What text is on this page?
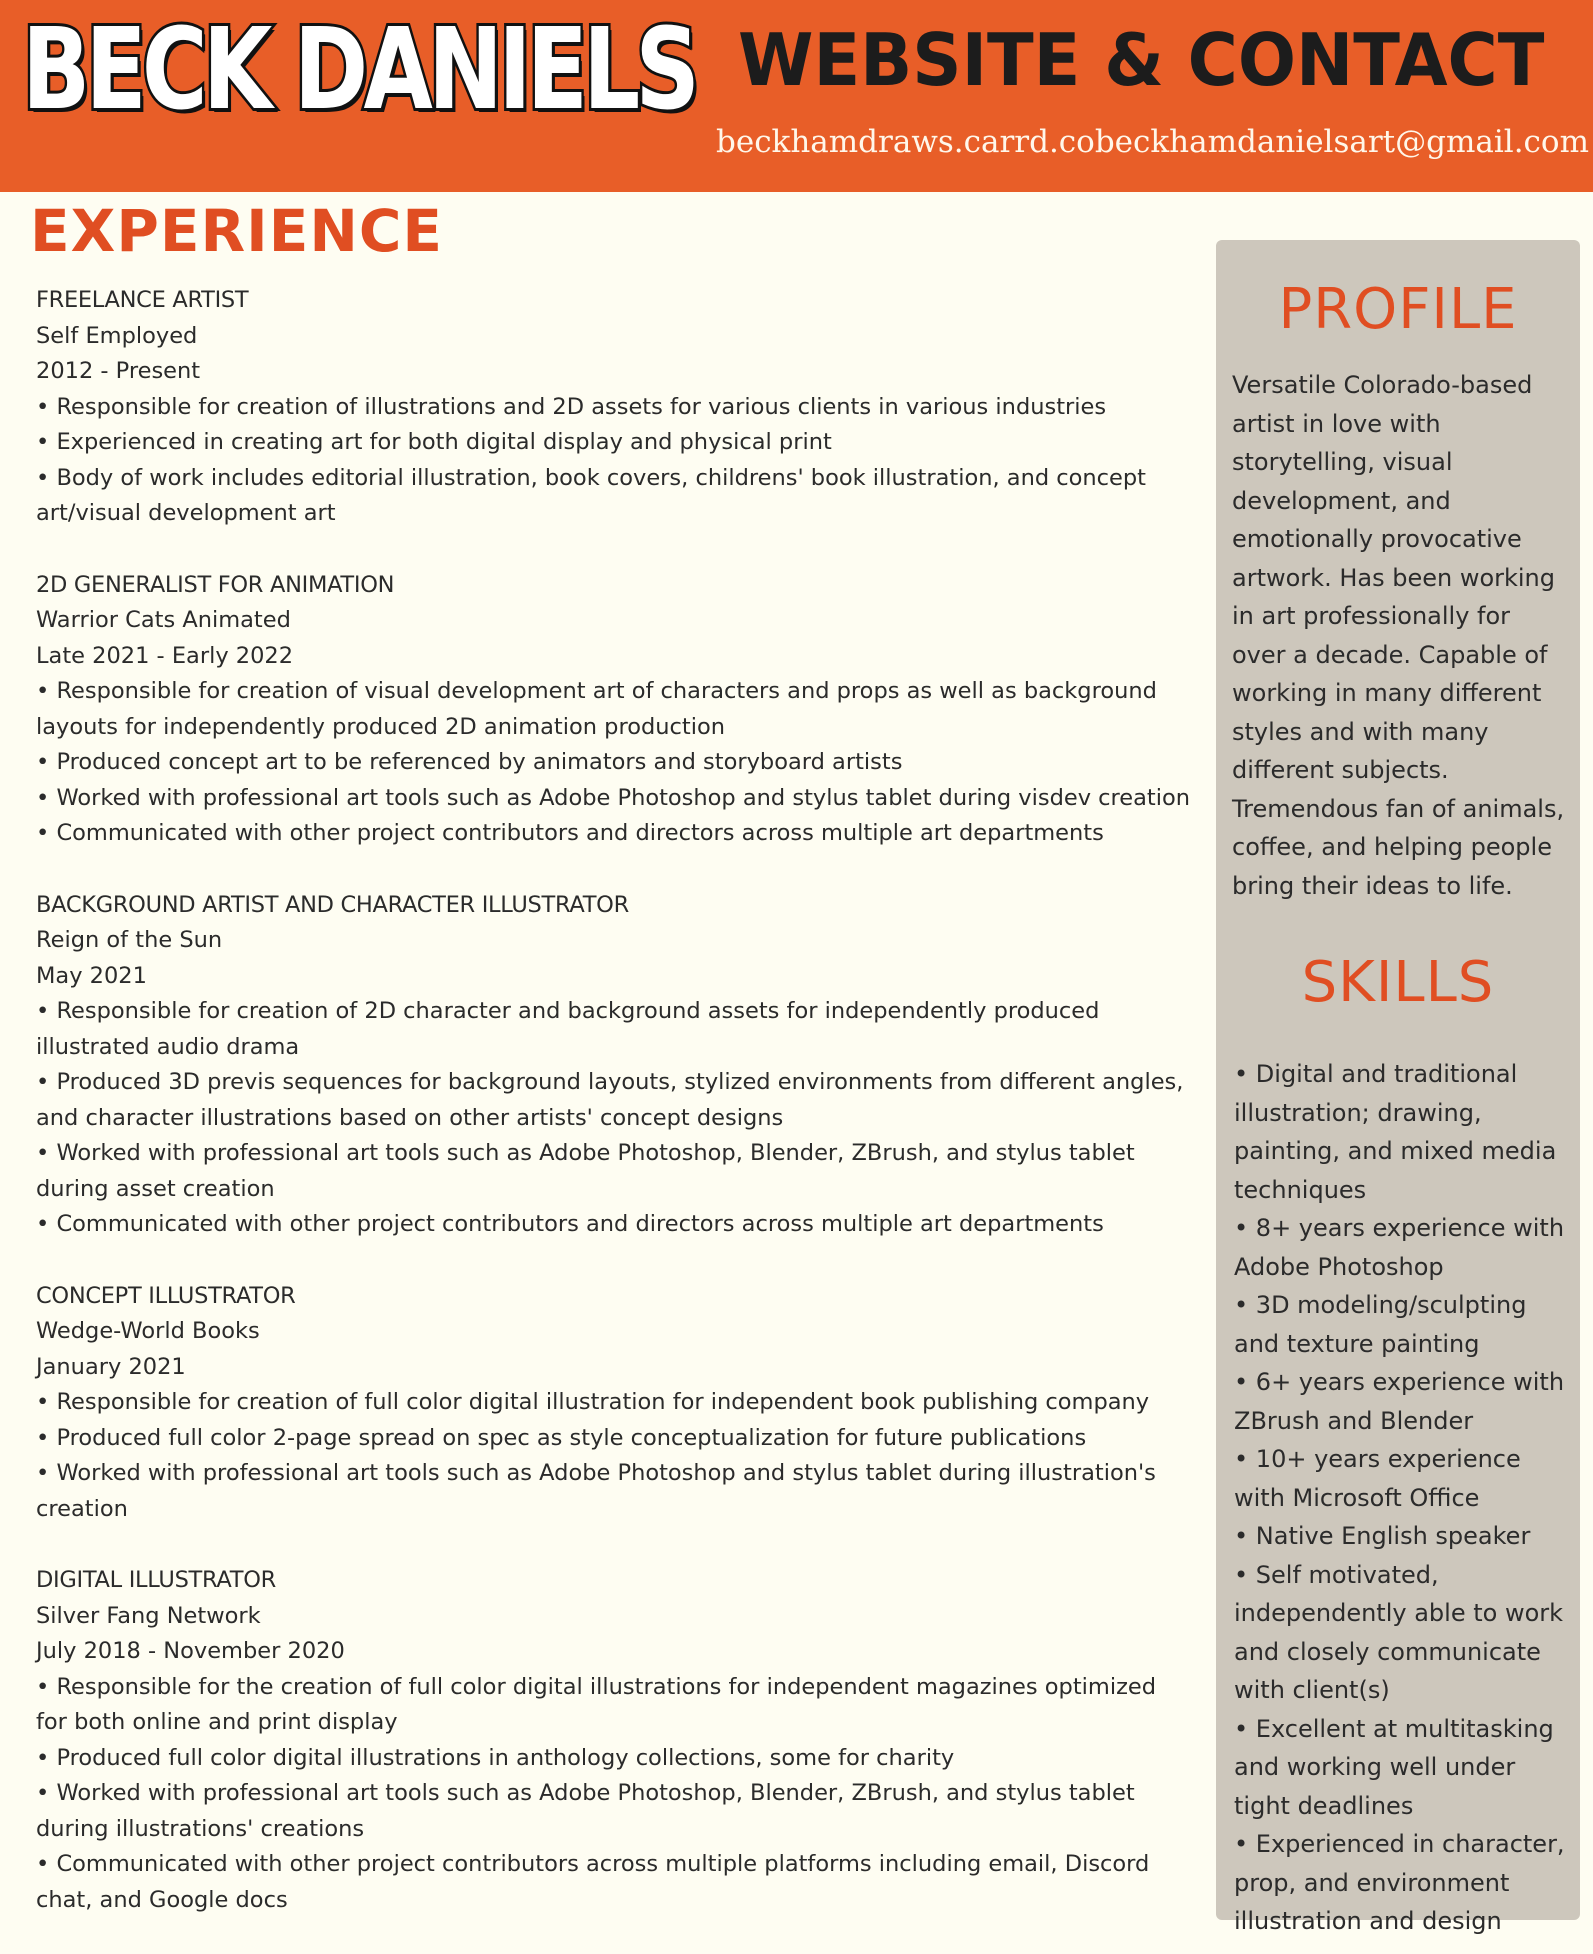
BECK DANIELS WEBSITE & CONTACT
beckhamdraws.carrd.co beckhamdanielsart@gmail.com
EXPERIENCE
FREELANCE ARTIST
Self Employed
2012 - Present
• Responsible for creation of illustrations and 2D assets for various clients in various industries
• Experienced in creating art for both digital display and physical print
• Body of work includes editorial illustration, book covers, childrens' book illustration, and concept art/visual development art
2D GENERALIST FOR ANIMATION
Warrior Cats Animated
Late 2021 - Early 2022
• Responsible for creation of visual development art of characters and props as well as background layouts for independently produced 2D animation production
• Produced concept art to be referenced by animators and storyboard artists
• Worked with professional art tools such as Adobe Photoshop and stylus tablet during visdev creation
• Communicated with other project contributors and directors across multiple art departments
BACKGROUND ARTIST AND CHARACTER ILLUSTRATOR
Reign of the Sun
May 2021
• Responsible for creation of 2D character and background assets for independently produced illustrated audio drama
• Produced 3D previs sequences for background layouts, stylized environments from different angles, and character illustrations based on other artists' concept designs
• Worked with professional art tools such as Adobe Photoshop, Blender, ZBrush, and stylus tablet during asset creation
• Communicated with other project contributors and directors across multiple art departments
CONCEPT ILLUSTRATOR
Wedge-World Books
January 2021
• Responsible for creation of full color digital illustration for independent book publishing company
• Produced full color 2-page spread on spec as style conceptualization for future publications
• Worked with professional art tools such as Adobe Photoshop and stylus tablet during illustration's creation
DIGITAL ILLUSTRATOR
Silver Fang Network
July 2018 - November 2020
• Responsible for the creation of full color digital illustrations for independent magazines optimized for both online and print display
• Produced full color digital illustrations in anthology collections, some for charity
• Worked with professional art tools such as Adobe Photoshop, Blender, ZBrush, and stylus tablet during illustrations' creations
• Communicated with other project contributors across multiple platforms including email, Discord chat, and Google docs
PROFILE
Versatile Colorado-based artist in love with storytelling, visual development, and emotionally provocative artwork. Has been working in art professionally for over a decade. Capable of working in many different styles and with many different subjects. Tremendous fan of animals, coffee, and helping people bring their ideas to life.
SKILLS
• Digital and traditional illustration; drawing, painting, and mixed media techniques
• 8+ years experience with Adobe Photoshop
• 3D modeling/sculpting and texture painting
• 6+ years experience with ZBrush and Blender
• 10+ years experience with Microsoft Office
• Native English speaker
• Self motivated, independently able to work and closely communicate with client(s)
• Excellent at multitasking and working well under tight deadlines
• Experienced in character, prop, and environment illustration and design
